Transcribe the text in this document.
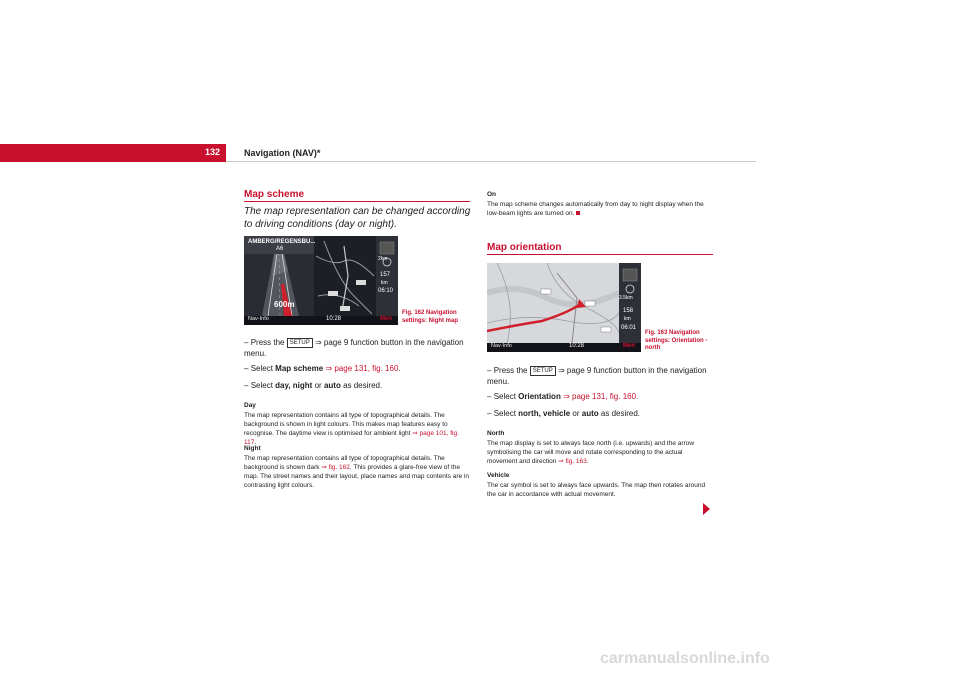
132	Navigation (NAV)*
Map scheme
The map representation can be changed according to driving conditions (day or night).
AMBERG/REGENSBU...
A6
600m
2km
157
km
06:10
Nav-Info	10:28	Men
Fig. 162 Navigation settings: Night map
– Press the SETUP ⇒ page 9 function button in the navigation menu.
– Select Map scheme ⇒ page 131, fig. 160.
– Select day, night or auto as desired.
Day
The map representation contains all type of topographical details. The background is shown in light colours. This makes map features easy to recognise. The daytime view is optimised for ambient light ⇒ page 101, fig. 117.
Night
The map representation contains all type of topographical details. The background is shown dark ⇒ fig. 162. This provides a glare-free view of the map. The street names and their layout, place names and map contents are in contrasting light colours.
On
The map scheme changes automatically from day to night display when the low-beam lights are turned on.
Map orientation
3.5km
158
km
06:01
Nav-Info	10:28	Men
Fig. 163 Navigation settings: Orientation - north
– Press the SETUP ⇒ page 9 function button in the navigation menu.
– Select Orientation ⇒ page 131, fig. 160.
– Select north, vehicle or auto as desired.
North
The map display is set to always face north (i.e. upwards) and the arrow symbolising the car will move and rotate corresponding to the actual movement and direction ⇒ fig. 163.
Vehicle
The car symbol is set to always face upwards. The map then rotates around the car in accordance with actual movement.
carmanualsonline.info
